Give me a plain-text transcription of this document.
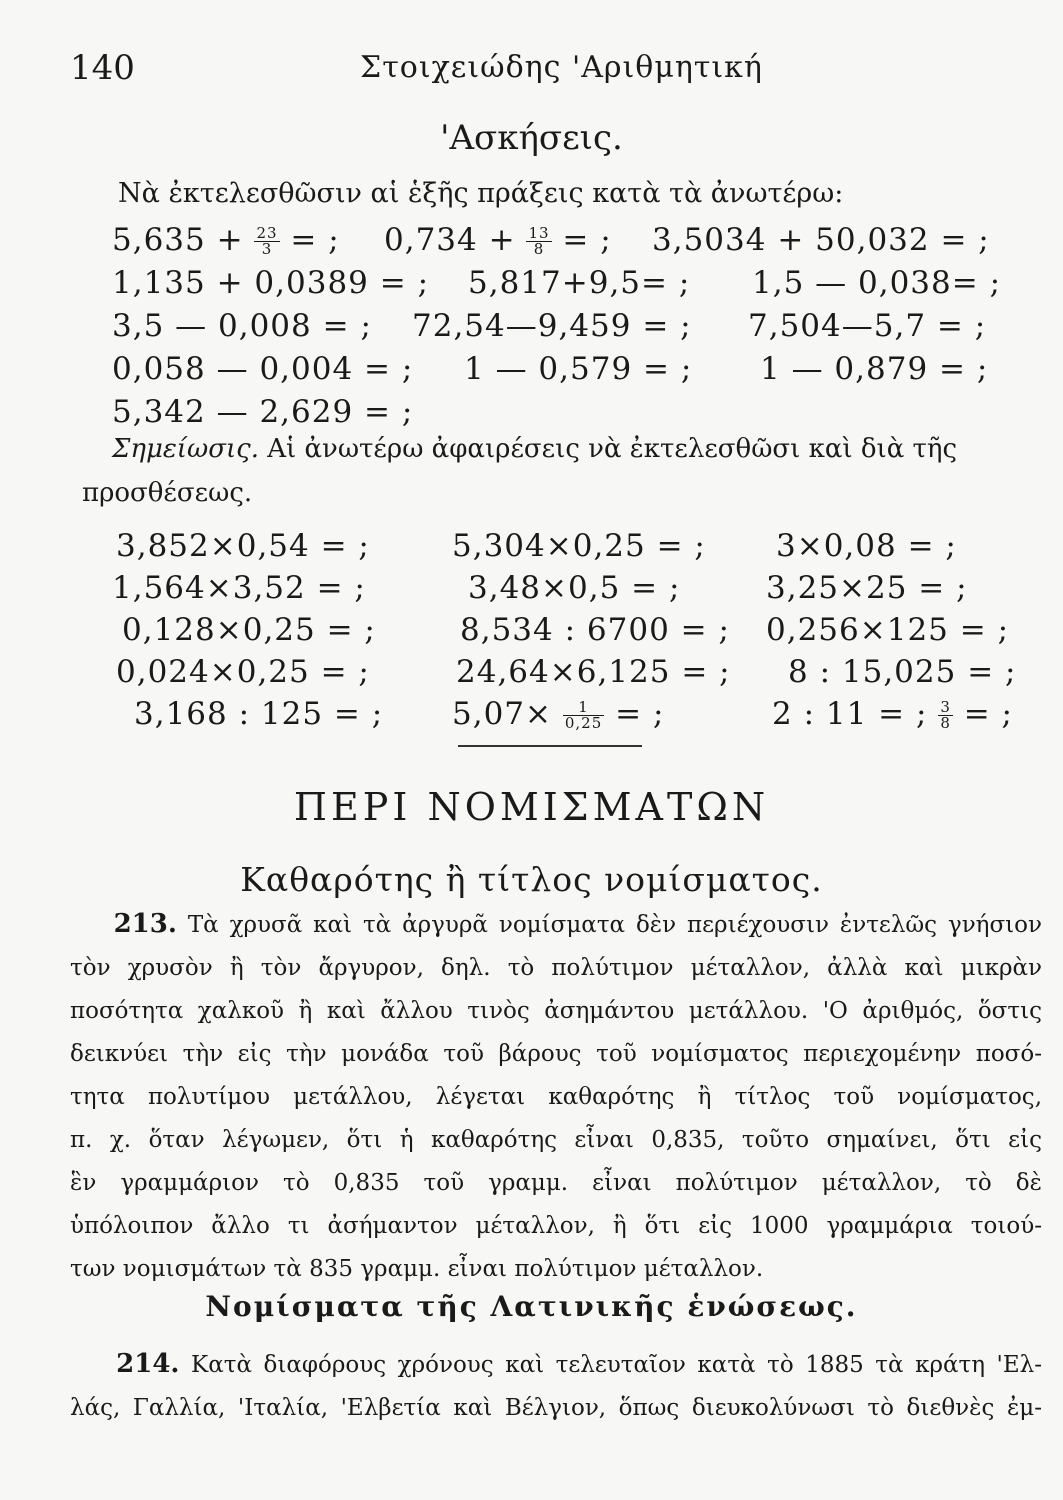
140	Στοιχειώδης 'Αριθμητική
'Ασκήσεις.
Νὰ ἐκτελεσθῶσιν αἱ ἑξῆς πράξεις κατὰ τὰ ἀνωτέρω:
$5,635 + \frac{23}{3}$ = ; $0,734 + \frac{13}{8}$ = ; 3,5034 + 50,032 = ;
1,135 + 0,0389 = ; 5,817+9,5= ; 1,5 — 0,038= ;
3,5 — 0,008 = ; 72,54—9,459 = ; 7,504—5,7 = ;
0,058 — 0,004 = ; 1 — 0,579 = ; 1 — 0,879 = ;
5,342 — 2,629 = ;
Σημείωσις. Αἱ ἀνωτέρω ἀφαιρέσεις νὰ ἐκτελεσθῶσι καὶ διὰ τῆς
προσθέσεως.
3,852×0,54 = ;	5,304×0,25 = ; 3×0,08 = ;
1,564×3,52 = ;	3,48×0,5 = ;	3,25×25 = ;
0,128×0,25 = ;	8,534 : 6700 = ; 0,256×125 = ;
0,024×0,25 = ;	24,64×6,125 = ; 8 : 15,025 = ;
3,168 : 125 = ; $5,07\times \frac{1}{0,25}$ = ;	2 : 11 = ; $\frac{3}{8}$ = ;
ΠΕΡΙ ΝΟΜΙΣΜΑΤΩΝ
Καθαρότης ἢ τίτλος νομίσματος.
213. Τὰ χρυσᾶ καὶ τὰ ἀργυρᾶ νομίσματα δὲν περιέχουσιν ἐντελῶς γνήσιον
τὸν χρυσὸν ἢ τὸν ἄργυρον, δηλ. τὸ πολύτιμον μέταλλον, ἀλλὰ καὶ μικρὰν
ποσότητα χαλκοῦ ἢ καὶ ἄλλου τινὸς ἀσημάντου μετάλλου. 'Ο ἀριθμός, ὅστις
δεικνύει τὴν εἰς τὴν μονάδα τοῦ βάρους τοῦ νομίσματος περιεχομένην ποσό-
τητα πολυτίμου μετάλλου, λέγεται καθαρότης ἢ τίτλος τοῦ νομίσματος,
π. χ. ὅταν λέγωμεν, ὅτι ἡ καθαρότης εἶναι 0,835, τοῦτο σημαίνει, ὅτι εἰς
ἓν γραμμάριον τὸ 0,835 τοῦ γραμμ. εἶναι πολύτιμον μέταλλον, τὸ δὲ
ὑπόλοιπον ἄλλο τι ἀσήμαντον μέταλλον, ἢ ὅτι εἰς 1000 γραμμάρια τοιού-
των νομισμάτων τὰ 835 γραμμ. εἶναι πολύτιμον μέταλλον.
Νομίσματα τῆς Λατινικῆς ἑνώσεως.
214. Κατὰ διαφόρους χρόνους καὶ τελευταῖον κατὰ τὸ 1885 τὰ κράτη 'Ελ-
λάς, Γαλλία, 'Ιταλία, 'Ελβετία καὶ Βέλγιον, ὅπως διευκολύνωσι τὸ διεθνὲς ἐμ-
